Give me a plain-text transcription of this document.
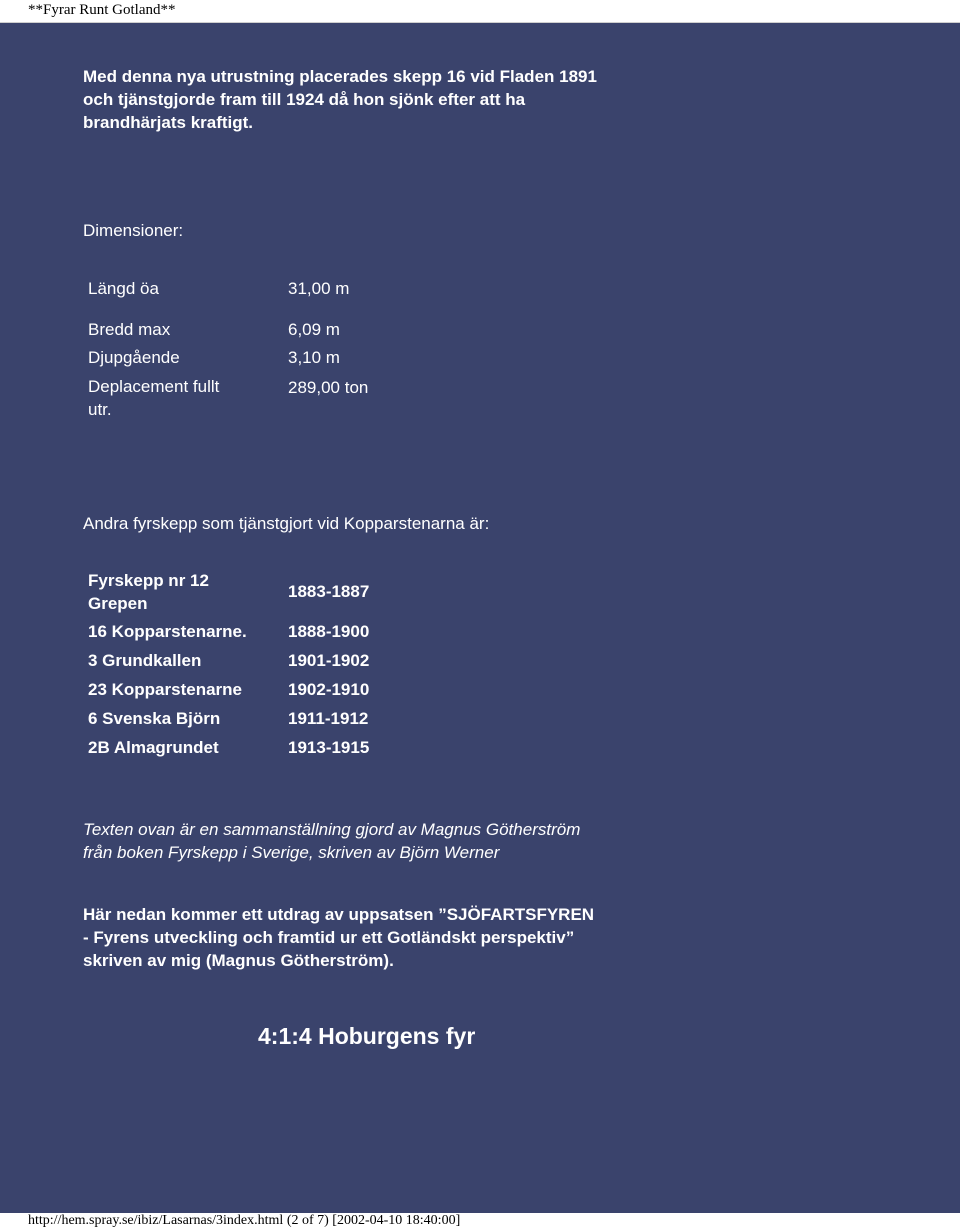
**Fyrar Runt Gotland**
Med denna nya utrustning placerades skepp 16 vid Fladen 1891
och tjänstgjorde fram till 1924 då hon sjönk efter att ha
brandhärjats kraftigt.
Dimensioner:
Längd öa	31,00 m
Bredd max	6,09 m
Djupgående	3,10 m
Deplacement fullt
utr.
289,00 ton
Andra fyrskepp som tjänstgjort vid Kopparstenarna är:
Fyrskepp nr 12
Grepen
1883-1887
16 Kopparstenarne. 1888-1900
3 Grundkallen	1901-1902
23 Kopparstenarne	1902-1910
6 Svenska Björn	1911-1912
2B Almagrundet	1913-1915
Texten ovan är en sammanställning gjord av Magnus Götherström
från boken Fyrskepp i Sverige, skriven av Björn Werner
Här nedan kommer ett utdrag av uppsatsen ”SJÖFARTSFYREN
- Fyrens utveckling och framtid ur ett Gotländskt perspektiv”
skriven av mig (Magnus Götherström).
4:1:4 Hoburgens fyr
http://hem.spray.se/ibiz/Lasarnas/3index.html (2 of 7) [2002-04-10 18:40:00]
